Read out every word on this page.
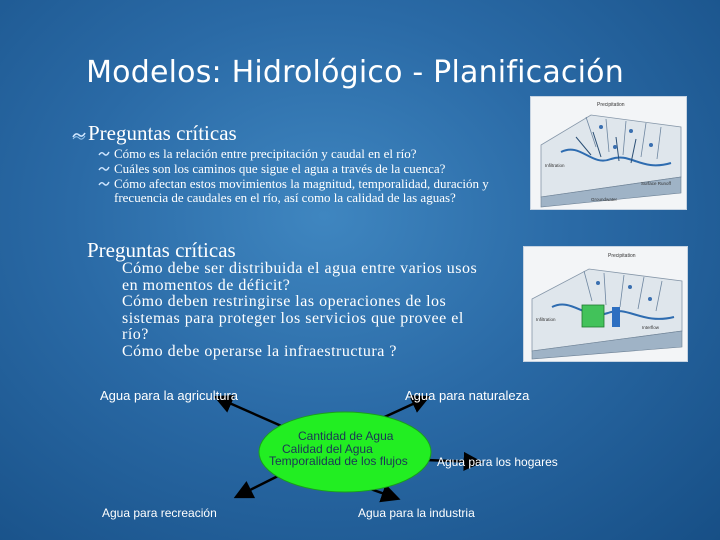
Modelos: Hidrológico - Planificación
Preguntas críticas
Cómo es la relación entre precipitación y caudal en el río?
Cuáles son los caminos que sigue el agua a través de la cuenca?
Cómo afectan estos movimientos la magnitud, temporalidad, duración y frecuencia de caudales en el río, así como la calidad de las aguas?
Preguntas críticas
Cómo debe ser distribuida el agua entre varios usos
en momentos de déficit?
Cómo deben restringirse las operaciones de los
sistemas para proteger los servicios que provee el
río?
Cómo debe operarse la infraestructura ?
Precipitation
Infiltration
Groundwater
Surface Runoff
Precipitation
Infiltration
Interflow
Cantidad de Agua
Calidad del Agua
Temporalidad de los flujos
Agua para la agricultura	Agua para naturaleza
Agua para los hogares
Agua para recreación	Agua para la industria
